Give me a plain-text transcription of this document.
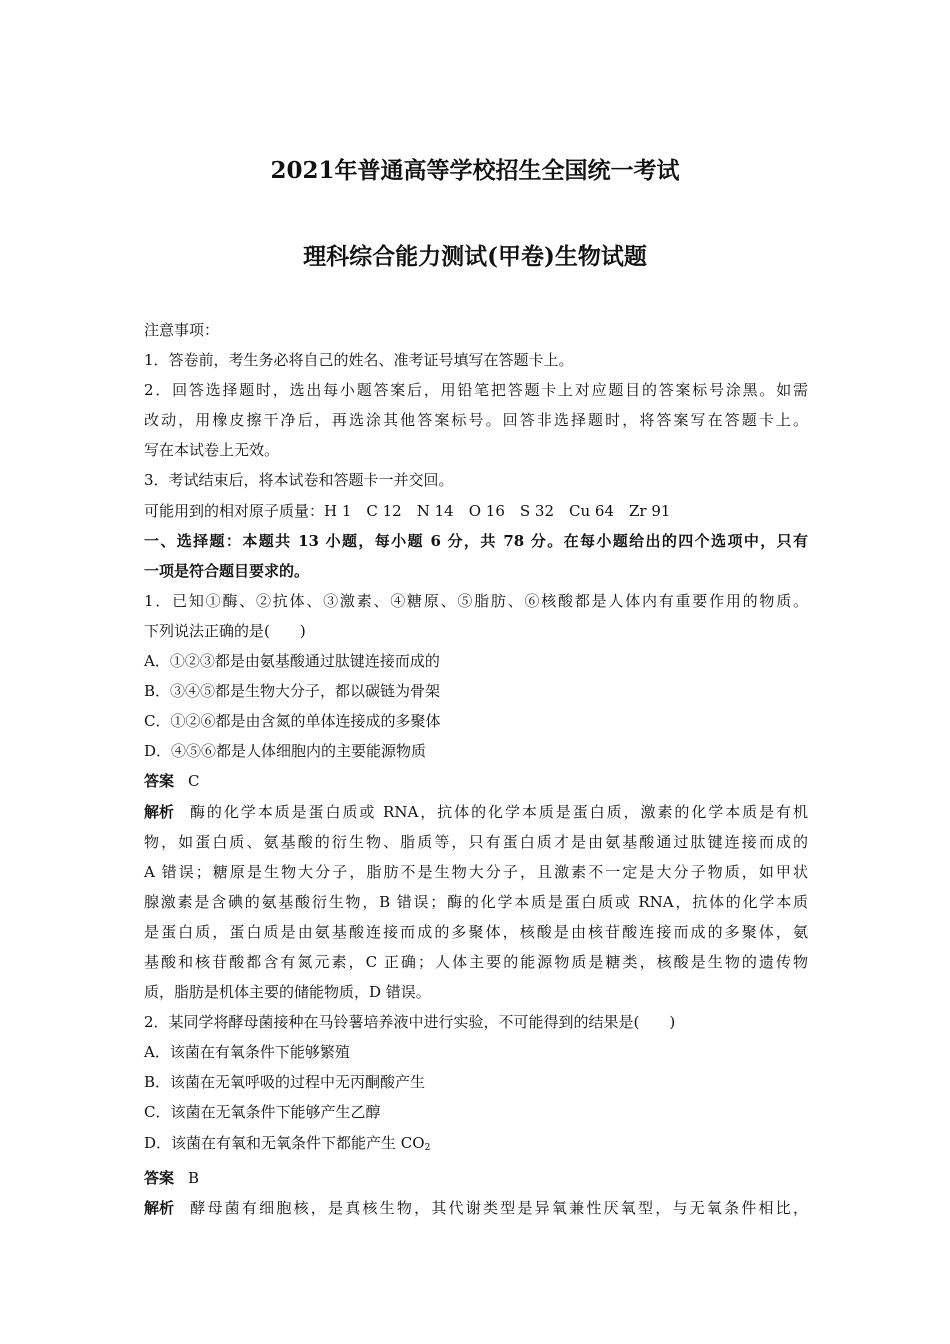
2021年普通高等学校招生全国统一考试
理科综合能力测试(甲卷)生物试题
注意事项：
1．答卷前，考生务必将自己的姓名、准考证号填写在答题卡上。
2．回答选择题时，选出每小题答案后，用铅笔把答题卡上对应题目的答案标号涂黑。如需
改动，用橡皮擦干净后，再选涂其他答案标号。回答非选择题时，将答案写在答题卡上。
写在本试卷上无效。
3．考试结束后，将本试卷和答题卡一并交回。
可能用到的相对原子质量：H 1　C 12　N 14　O 16　S 32　Cu 64　Zr 91
一、选择题：本题共 13 小题，每小题 6 分，共 78 分。在每小题给出的四个选项中，只有
一项是符合题目要求的。
1．已知①酶、②抗体、③激素、④糖原、⑤脂肪、⑥核酸都是人体内有重要作用的物质。
下列说法正确的是(　　)
A．①②③都是由氨基酸通过肽键连接而成的
B．③④⑤都是生物大分子，都以碳链为骨架
C．①②⑥都是由含氮的单体连接成的多聚体
D．④⑤⑥都是人体细胞内的主要能源物质
答案 C
解析 酶的化学本质是蛋白质或 RNA，抗体的化学本质是蛋白质，激素的化学本质是有机
物，如蛋白质、氨基酸的衍生物、脂质等，只有蛋白质才是由氨基酸通过肽键连接而成的
A 错误；糖原是生物大分子，脂肪不是生物大分子，且激素不一定是大分子物质，如甲状
腺激素是含碘的氨基酸衍生物，B 错误；酶的化学本质是蛋白质或 RNA，抗体的化学本质
是蛋白质，蛋白质是由氨基酸连接而成的多聚体，核酸是由核苷酸连接而成的多聚体，氨
基酸和核苷酸都含有氮元素，C 正确；人体主要的能源物质是糖类，核酸是生物的遗传物
质，脂肪是机体主要的储能物质，D 错误。
2．某同学将酵母菌接种在马铃薯培养液中进行实验，不可能得到的结果是(　　)
A．该菌在有氧条件下能够繁殖
B．该菌在无氧呼吸的过程中无丙酮酸产生
C．该菌在无氧条件下能够产生乙醇
D．该菌在有氧和无氧条件下都能产生 $CO_2$
答案 B
解析 酵母菌有细胞核，是真核生物，其代谢类型是异氧兼性厌氧型，与无氧条件相比，
